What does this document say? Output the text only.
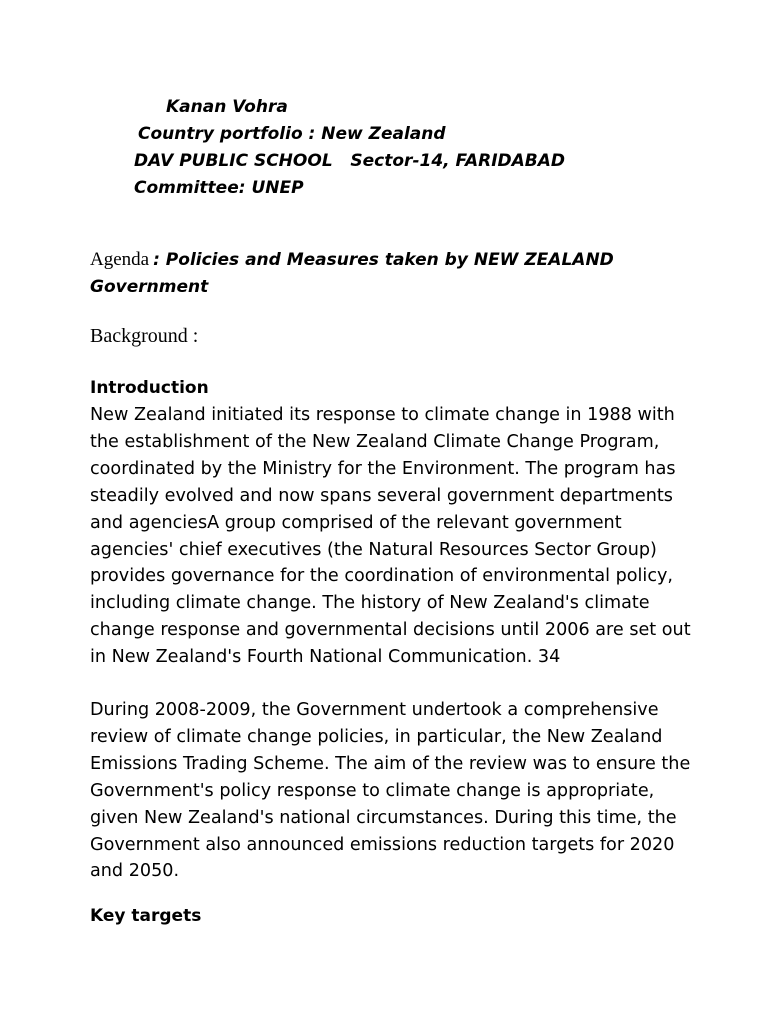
Kanan Vohra
Country portfolio : New Zealand
DAV PUBLIC SCHOOL   Sector-14, FARIDABAD
Committee: UNEP
Agenda : Policies and Measures taken by NEW ZEALAND
Government
Background :
Introduction
New Zealand initiated its response to climate change in 1988 with
the establishment of the New Zealand Climate Change Program,
coordinated by the Ministry for the Environment. The program has
steadily evolved and now spans several government departments
and agenciesA group comprised of the relevant government
agencies' chief executives (the Natural Resources Sector Group)
provides governance for the coordination of environmental policy,
including climate change. The history of New Zealand's climate
change response and governmental decisions until 2006 are set out
in New Zealand's Fourth National Communication. 34
During 2008-2009, the Government undertook a comprehensive
review of climate change policies, in particular, the New Zealand
Emissions Trading Scheme. The aim of the review was to ensure the
Government's policy response to climate change is appropriate,
given New Zealand's national circumstances. During this time, the
Government also announced emissions reduction targets for 2020
and 2050.
Key targets
